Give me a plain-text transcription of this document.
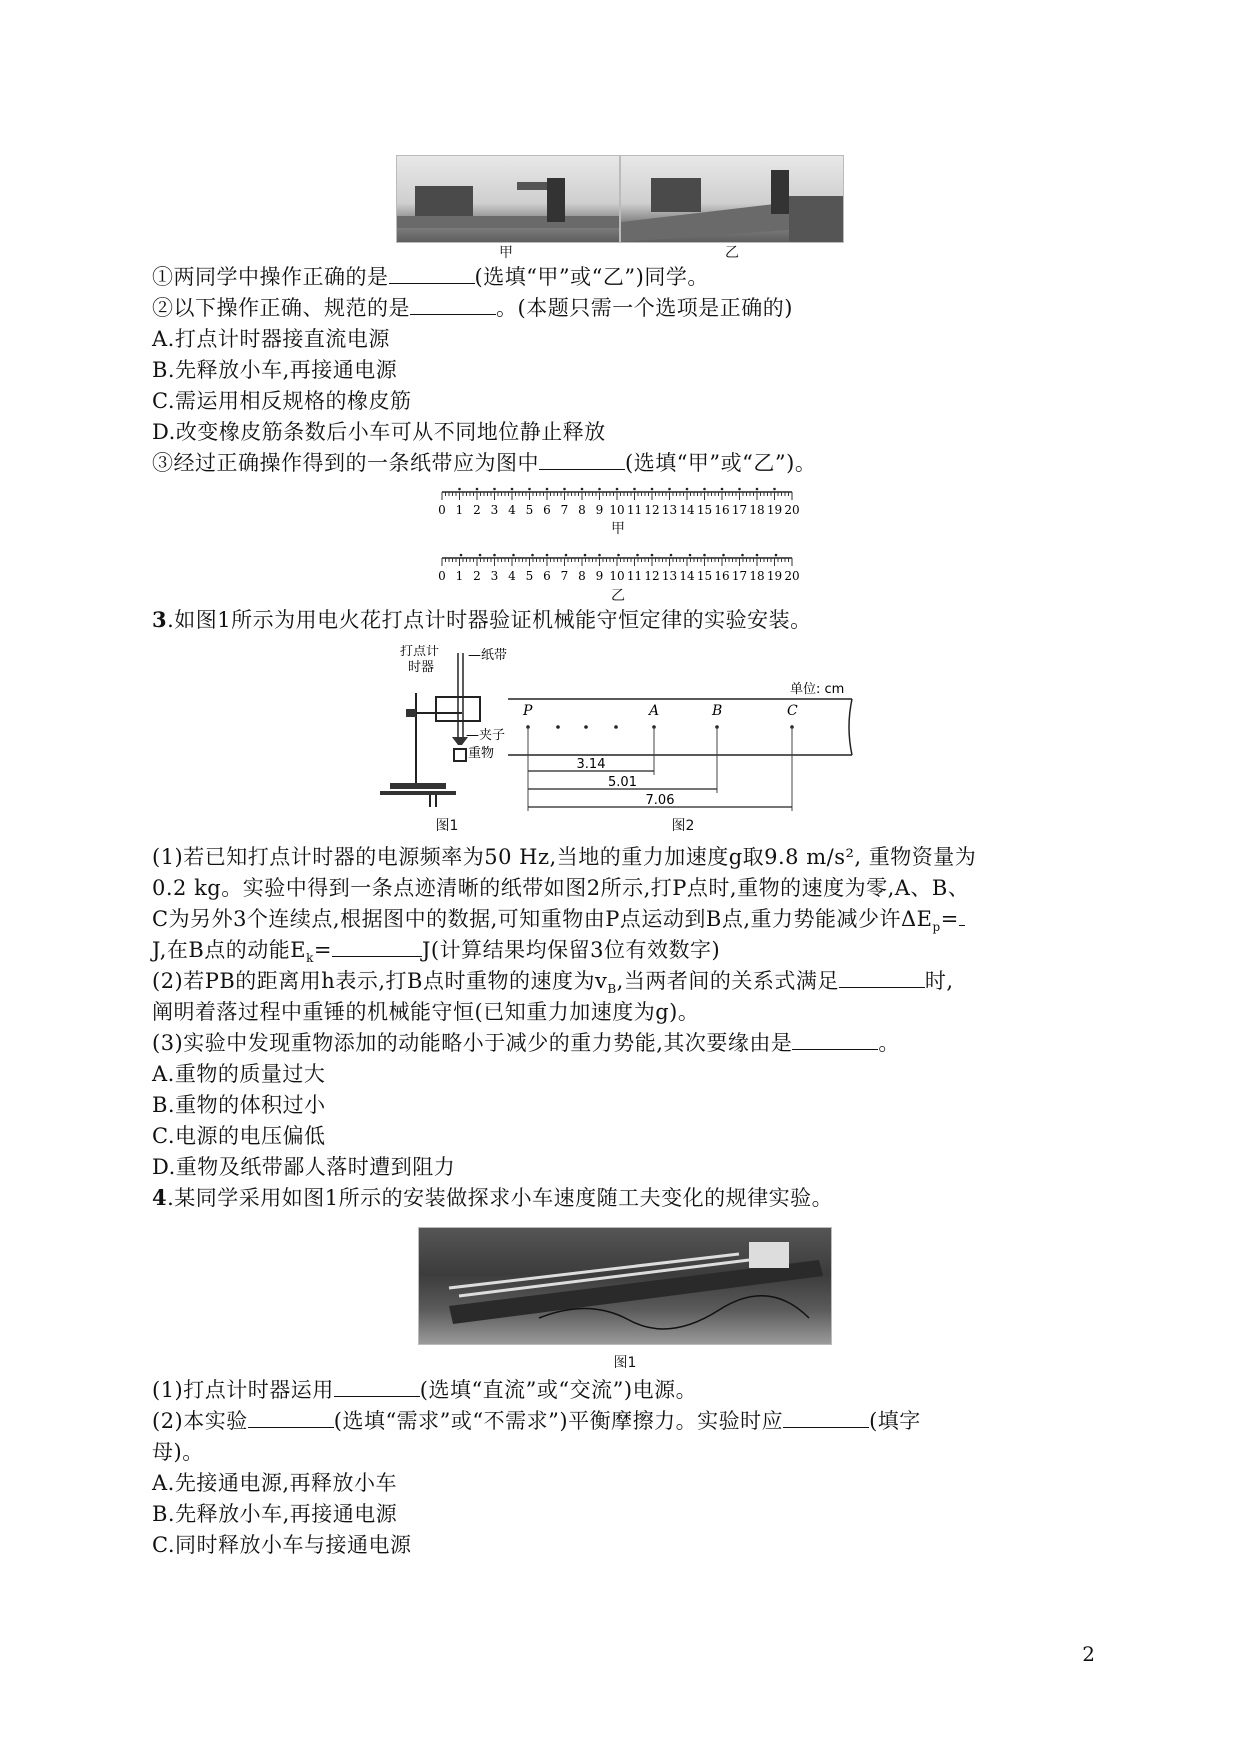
甲	乙
①两同学中操作正确的是	(选填“甲”或“乙”)同学。
②以下操作正确、规范的是	。(本题只需一个选项是正确的)
A.打点计时器接直流电源
B.先释放小车,再接通电源
C.需运用相反规格的橡皮筋
D.改变橡皮筋条数后小车可从不同地位静止释放
③经过正确操作得到的一条纸带应为图中	(选填“甲”或“乙”)。
0 1 2 3 4 5 6 7 8 9 10 11 12 13 14 15 16 17 18 19 20
0 1 2 3 4 5 6 7 8 9 10 11 12 13 14 15 16 17 18 19 20
甲
乙
3.如图1所示为用电火花打点计时器验证机械能守恒定律的实验安装。
打点计
时器
—纸带
—夹子
重物
单位: cm
P	A	B	C
3.14
5.01
7.06
图2
图1
(1)若已知打点计时器的电源频率为50 Hz,当地的重力加速度g取9.8 m/s², 重物资量为
0.2 kg。实验中得到一条点迹清晰的纸带如图2所示,打P点时,重物的速度为零,A、B、
C为另外3个连续点,根据图中的数据,可知重物由P点运动到B点,重力势能减少许$\Delta E_p=$
J,在B点的动能$E_k=$	J(计算结果均保留3位有效数字)
(2)若PB的距离用h表示,打B点时重物的速度为$v_B$,当两者间的关系式满足	时,
阐明着落过程中重锤的机械能守恒(已知重力加速度为g)。
(3)实验中发现重物添加的动能略小于减少的重力势能,其次要缘由是	。
A.重物的质量过大
B.重物的体积过小
C.电源的电压偏低
D.重物及纸带鄙人落时遭到阻力
4.某同学采用如图1所示的安装做探求小车速度随工夫变化的规律实验。
图1
(1)打点计时器运用	(选填“直流”或“交流”)电源。
(2)本实验	(选填“需求”或“不需求”)平衡摩擦力。实验时应	(填字
母)。
A.先接通电源,再释放小车
B.先释放小车,再接通电源
C.同时释放小车与接通电源
2
